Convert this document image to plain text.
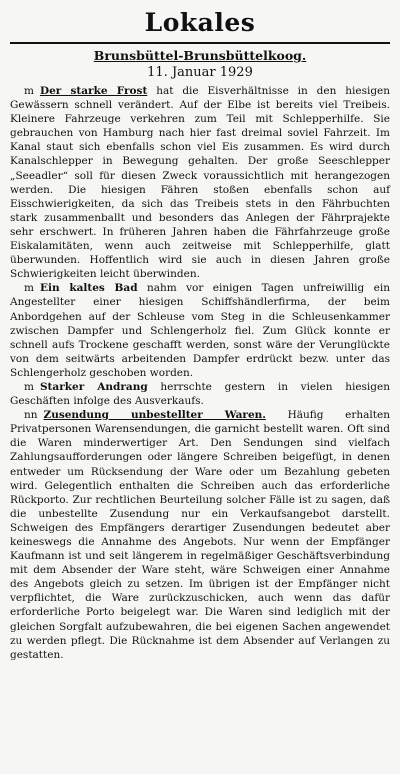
Lokales
Brunsbüttel-Brunsbüttelkoog.
11. Januar 1929

m Der starke Frost hat die Eisverhältnisse in den hiesigen Gewässern schnell verändert. Auf der Elbe ist bereits viel Treibeis. Kleinere Fahrzeuge verkehren zum Teil mit Schlepperhilfe. Sie gebrauchen von Hamburg nach hier fast dreimal soviel Fahrzeit. Im Kanal staut sich ebenfalls schon viel Eis zusammen. Es wird durch Kanalschlepper in Bewegung gehalten. Der große Seeschlepper „Seeadler“ soll für diesen Zweck voraussichtlich mit herangezogen werden. Die hiesigen Fähren stoßen ebenfalls schon auf Eisschwierigkeiten, da sich das Treibeis stets in den Fährbuchten stark zusammenballt und besonders das Anlegen der Fährprajekte sehr erschwert. In früheren Jahren haben die Fährfahrzeuge große Eiskalamitäten, wenn auch zeitweise mit Schlepperhilfe, glatt überwunden. Hoffentlich wird sie auch in diesen Jahren große Schwierigkeiten leicht überwinden.

m Ein kaltes Bad nahm vor einigen Tagen unfreiwillig ein Angestellter einer hiesigen Schiffshändlerfirma, der beim Anbordgehen auf der Schleuse vom Steg in die Schleusenkammer zwischen Dampfer und Schlengerholz fiel. Zum Glück konnte er schnell aufs Trockene geschafft werden, sonst wäre der Verunglückte von dem seitwärts arbeitenden Dampfer erdrückt bezw. unter das Schlengerholz geschoben worden.

m Starker Andrang herrschte gestern in vielen hiesigen Geschäften infolge des Ausverkaufs.

nn Zusendung unbestellter Waren. Häufig erhalten Privatpersonen Warensendungen, die garnicht bestellt waren. Oft sind die Waren minderwertiger Art. Den Sendungen sind vielfach Zahlungsaufforderungen oder längere Schreiben beigefügt, in denen entweder um Rücksendung der Ware oder um Bezahlung gebeten wird. Gelegentlich enthalten die Schreiben auch das erforderliche Rückporto. Zur rechtlichen Beurteilung solcher Fälle ist zu sagen, daß die unbestellte Zusendung nur ein Verkaufsangebot darstellt. Schweigen des Empfängers derartiger Zusendungen bedeutet aber keineswegs die Annahme des Angebots. Nur wenn der Empfänger Kaufmann ist und seit längerem in regelmäßiger Geschäftsverbindung mit dem Absender der Ware steht, wäre Schweigen einer Annahme des Angebots gleich zu setzen. Im übrigen ist der Empfänger nicht verpflichtet, die Ware zurückzuschicken, auch wenn das dafür erforderliche Porto beigelegt war. Die Waren sind lediglich mit der gleichen Sorgfalt aufzubewahren, die bei eigenen Sachen angewendet zu werden pflegt. Die Rücknahme ist dem Absender auf Verlangen zu gestatten.
